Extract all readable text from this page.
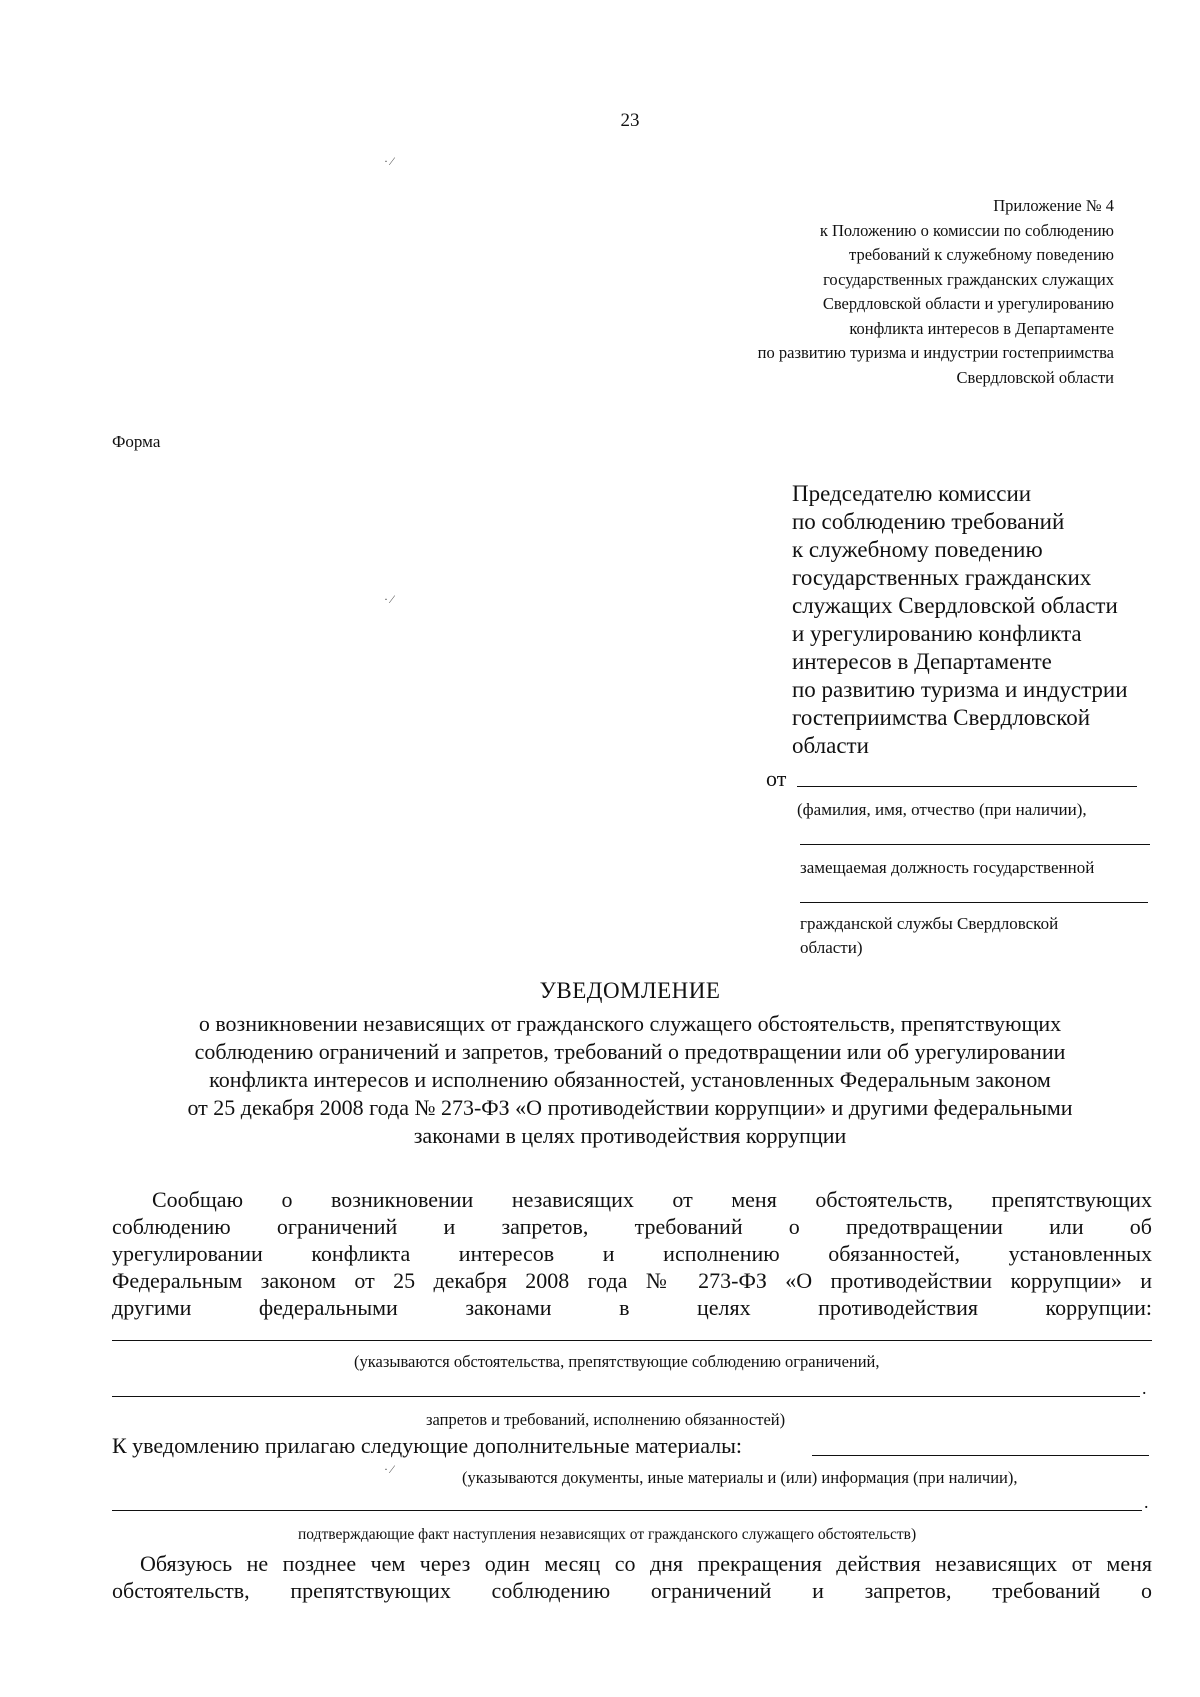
23
· ⁄
· ⁄
· ⁄
Приложение № 4
к Положению о комиссии по соблюдению
требований к служебному поведению
государственных гражданских служащих
Свердловской области и урегулированию
конфликта интересов в Департаменте
по развитию туризма и индустрии гостеприимства
Свердловской области
Форма
Председателю комиссии
по соблюдению требований
к служебному поведению
государственных гражданских
служащих Свердловской области
и урегулированию конфликта
интересов в Департаменте
по развитию туризма и индустрии
гостеприимства Свердловской
области
от
(фамилия, имя, отчество (при наличии),
замещаемая должность государственной
гражданской службы Свердловской
области)
УВЕДОМЛЕНИЕ
о возникновении независящих от гражданского служащего обстоятельств, препятствующих
соблюдению ограничений и запретов, требований о предотвращении или об урегулировании
конфликта интересов и исполнению обязанностей, установленных Федеральным законом
от 25 декабря 2008 года № 273-ФЗ «О противодействии коррупции» и другими федеральными
законами в целях противодействия коррупции
Сообщаю о возникновении независящих от меня обстоятельств, препятствующих
соблюдению ограничений и запретов, требований о предотвращении или об
урегулировании конфликта интересов и исполнению обязанностей, установленных
Федеральным законом от 25 декабря 2008 года № 273-ФЗ «О противодействии коррупции» и
другими федеральными законами в целях противодействия коррупции:
(указываются обстоятельства, препятствующие соблюдению ограничений,
.
запретов и требований, исполнению обязанностей)
К уведомлению прилагаю следующие дополнительные материалы:
(указываются документы, иные материалы и (или) информация (при наличии),
.
подтверждающие факт наступления независящих от гражданского служащего обстоятельств)
Обязуюсь не позднее чем через один месяц со дня прекращения действия независящих от меня
обстоятельств, препятствующих соблюдению ограничений и запретов, требований о
